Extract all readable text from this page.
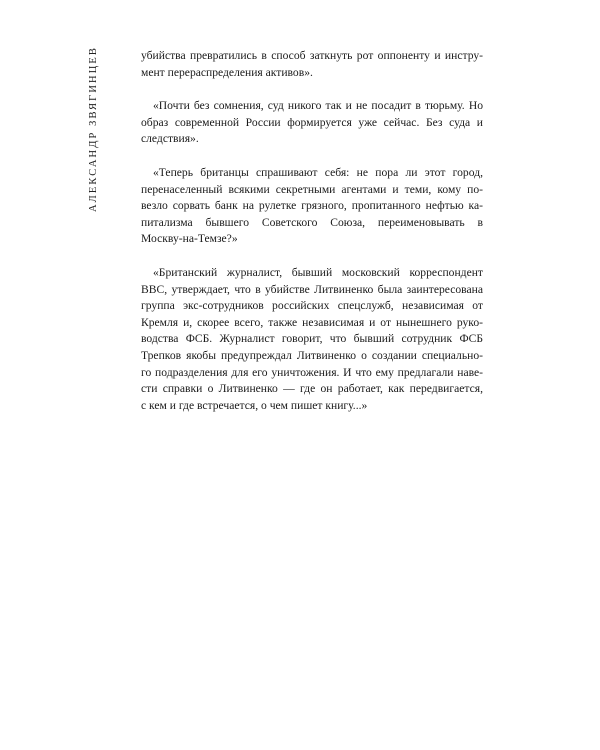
АЛЕКСАНДР ЗВЯГИНЦЕВ	убийства превратились в способ заткнуть рот оппоненту и инстру-
мент перераспределения активов».

«Почти без сомнения, суд никого так и не посадит в тюрьму. Но
образ современной России формируется уже сейчас. Без суда и
следствия».

«Теперь британцы спрашивают себя: не пора ли этот город,
перенаселенный всякими секретными агентами и теми, кому по-
везло сорвать банк на рулетке грязного, пропитанного нефтью ка-
питализма бывшего Советского Союза, переименовывать в
Москву-на-Темзе?»

«Британский журналист, бывший московский корреспондент
BBC, утверждает, что в убийстве Литвиненко была заинтересована
группа экс-сотрудников российских спецслужб, независимая от
Кремля и, скорее всего, также независимая и от нынешнего руко-
водства ФСБ. Журналист говорит, что бывший сотрудник ФСБ
Трепков якобы предупреждал Литвиненко о создании специально-
го подразделения для его уничтожения. И что ему предлагали наве-
сти справки о Литвиненко — где он работает, как передвигается,
с кем и где встречается, о чем пишет книгу...»
